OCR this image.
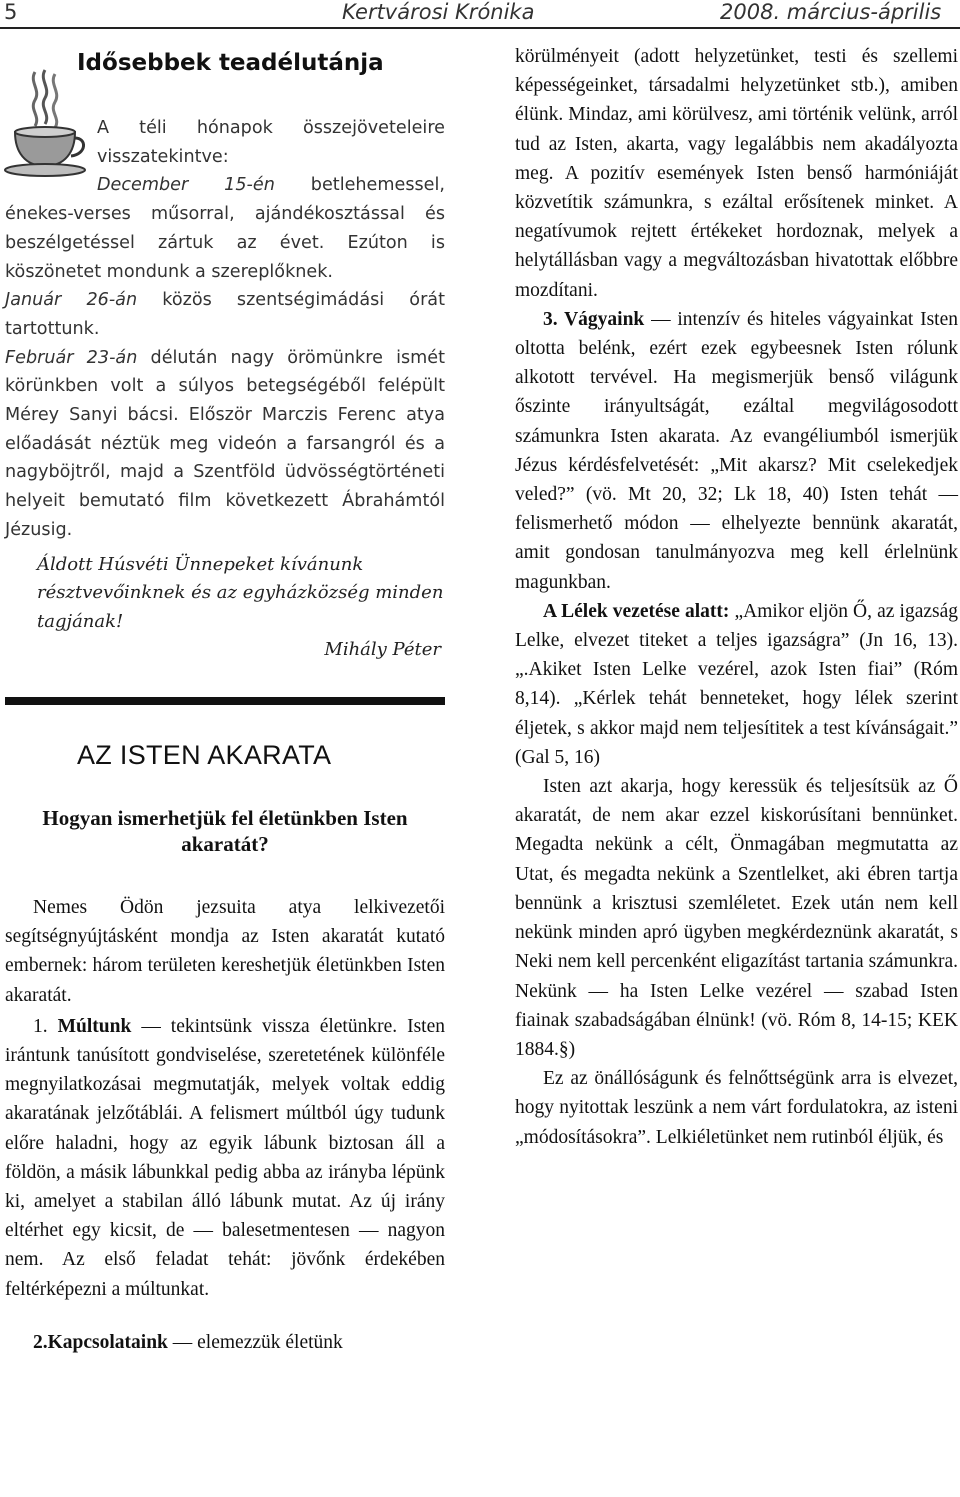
5	Kertvárosi Krónika	2008. március-április

Idősebbek teadélutánja

A téli hónapok összejöveteleire visszatekintve:

December 15-én betlehemessel, énekes-verses műsorral, ajándékosztással és beszélgetéssel zártuk az évet. Ezúton is köszönetet mondunk a szereplőknek.

Január 26-án közös szentségimádási órát tartottunk.

Február 23-án délután nagy örömünkre ismét körünkben volt a súlyos betegségéből felépült Mérey Sanyi bácsi. Először Marczis Ferenc atya előadását néztük meg videón a farsangról és a nagyböjtről, majd a Szentföld üdvösségtörténeti helyeit bemutató film következett Ábrahámtól Jézusig.

Áldott Húsvéti Ünnepeket kívánunk résztvevőinknek és az egyházközség minden tagjának!

Mihály Péter

AZ ISTEN AKARATA

Hogyan ismerhetjük fel életünkben Isten akaratát?

Nemes Ödön jezsuita atya lelkivezetői segítségnyújtásként mondja az Isten akaratát kutató embernek: három területen kereshetjük életünkben Isten akaratát.

1. Múltunk — tekintsünk vissza életünkre. Isten irántunk tanúsított gondviselése, szeretetének különféle megnyilatkozásai megmutatják, melyek voltak eddig akaratának jelzőtáblái. A felismert múltból úgy tudunk előre haladni, hogy az egyik lábunk biztosan áll a földön, a másik lábunkkal pedig abba az irányba lépünk ki, amelyet a stabilan álló lábunk mutat. Az új irány eltérhet egy kicsit, de — balesetmentesen — nagyon nem. Az első feladat tehát: jövőnk érdekében feltérképezni a múltunkat.

2.Kapcsolataink — elemezzük életünk

körülményeit (adott helyzetünket, testi és szellemi képességeinket, társadalmi helyzetünket stb.), amiben élünk. Mindaz, ami körülvesz, ami történik velünk, arról tud az Isten, akarta, vagy legalábbis nem akadályozta meg. A pozitív események Isten benső harmóniáját közvetítik számunkra, s ezáltal erősítenek minket. A negatívumok rejtett értékeket hordoznak, melyek a helytállásban vagy a megváltozásban hivatottak előbbre mozdítani.

3. Vágyaink — intenzív és hiteles vágyainkat Isten oltotta belénk, ezért ezek egybeesnek Isten rólunk alkotott tervével. Ha megismerjük benső világunk őszinte irányultságát, ezáltal megvilágosodott számunkra Isten akarata. Az evangéliumból ismerjük Jézus kérdésfelvetését: „Mit akarsz? Mit cselekedjek veled?” (vö. Mt 20, 32; Lk 18, 40) Isten tehát — felismerhető módon — elhelyezte bennünk akaratát, amit gondosan tanulmányozva meg kell érlelnünk magunkban.

A Lélek vezetése alatt: „Amikor eljön Ő, az igazság Lelke, elvezet titeket a teljes igazságra” (Jn 16, 13). „.Akiket Isten Lelke vezérel, azok Isten fiai” (Róm 8,14). „Kérlek tehát benneteket, hogy lélek szerint éljetek, s akkor majd nem teljesítitek a test kívánságait.” (Gal 5, 16)

Isten azt akarja, hogy keressük és teljesítsük az Ő akaratát, de nem akar ezzel kiskorúsítani bennünket. Megadta nekünk a célt, Önmagában megmutatta az Utat, és megadta nekünk a Szentlelket, aki ébren tartja bennünk a krisztusi szemléletet. Ezek után nem kell nekünk minden apró ügyben megkérdeznünk akaratát, s Neki nem kell percenként eligazítást tartania számunkra. Nekünk — ha Isten Lelke vezérel — szabad Isten fiainak szabadságában élnünk! (vö. Róm 8, 14-15; KEK 1884.§)

Ez az önállóságunk és felnőttségünk arra is elvezet, hogy nyitottak leszünk a nem várt fordulatokra, az isteni „módosításokra”. Lelkiéletünket nem rutinból éljük, és
